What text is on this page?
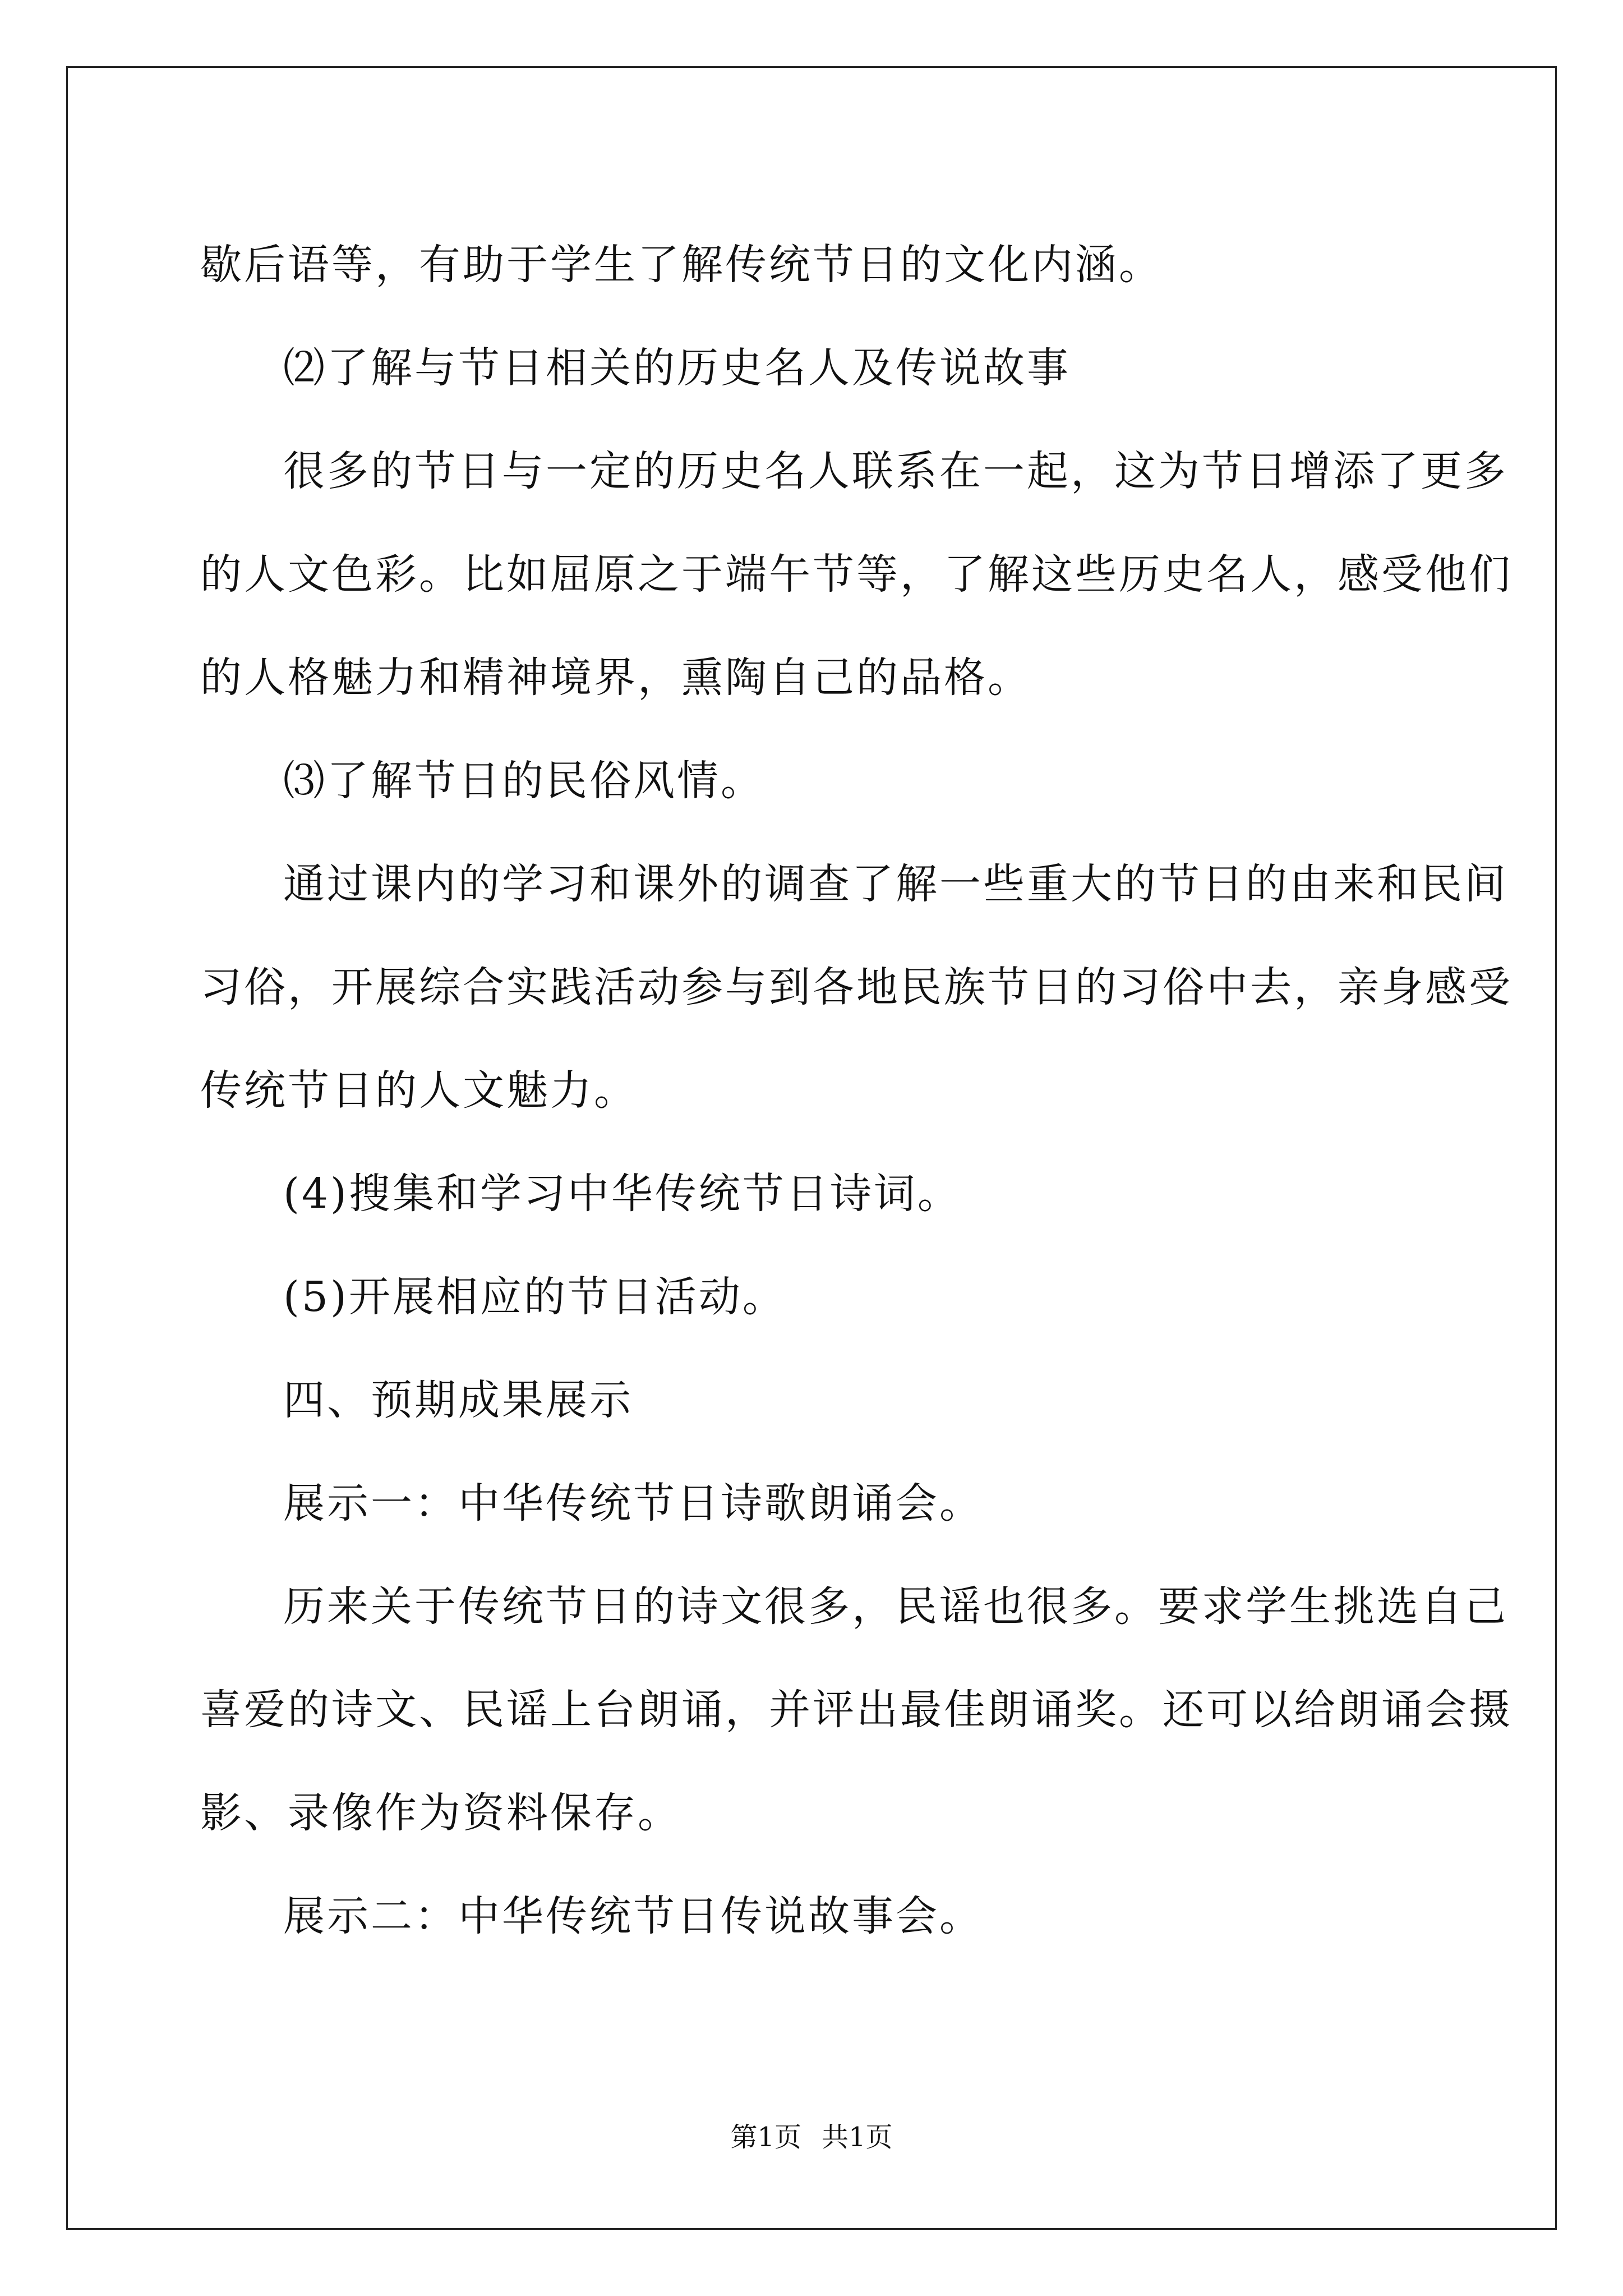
歇后语等，有助于学生了解传统节日的文化内涵。

⑵了解与节日相关的历史名人及传说故事

很多的节日与一定的历史名人联系在一起，这为节日增添了更多

的人文色彩。比如屈原之于端午节等，了解这些历史名人，感受他们

的人格魅力和精神境界，熏陶自己的品格。

⑶了解节日的民俗风情。

通过课内的学习和课外的调查了解一些重大的节日的由来和民间

习俗，开展综合实践活动参与到各地民族节日的习俗中去，亲身感受

传统节日的人文魅力。

(4)搜集和学习中华传统节日诗词。

(5)开展相应的节日活动。

四、预期成果展示

展示一：中华传统节日诗歌朗诵会。

历来关于传统节日的诗文很多，民谣也很多。要求学生挑选自己

喜爱的诗文、民谣上台朗诵，并评出最佳朗诵奖。还可以给朗诵会摄

影、录像作为资料保存。

展示二：中华传统节日传说故事会。

第1页 共1页
